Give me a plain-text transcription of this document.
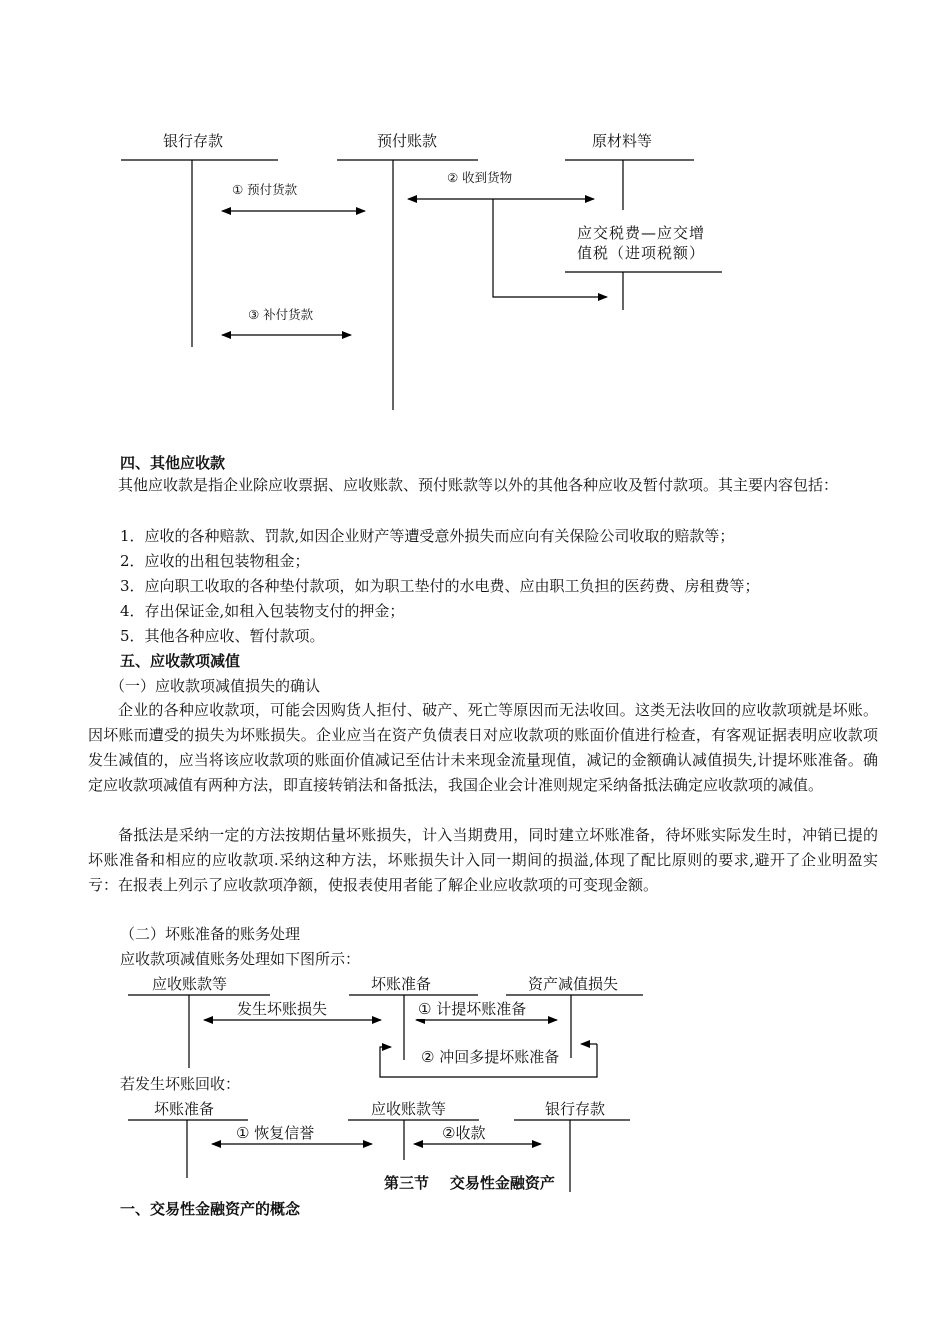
银行存款	预付账款	原材料等
应交税费—应交增
值税（进项税额）
① 预付货款
② 收到货物
③ 补付货款
四、其他应收款
其他应收款是指企业除应收票据、应收账款、预付账款等以外的其他各种应收及暂付款项。其主要内容包括：
1．应收的各种赔款、罚款,如因企业财产等遭受意外损失而应向有关保险公司收取的赔款等；
2．应收的出租包装物租金；
3．应向职工收取的各种垫付款项，如为职工垫付的水电费、应由职工负担的医药费、房租费等；
4．存出保证金,如租入包装物支付的押金；
5．其他各种应收、暂付款项。
五、应收款项减值
（一）应收款项减值损失的确认
企业的各种应收款项，可能会因购货人拒付、破产、死亡等原因而无法收回。这类无法收回的应收款项就是坏账。因坏账而遭受的损失为坏账损失。企业应当在资产负债表日对应收款项的账面价值进行检查，有客观证据表明应收款项发生减值的，应当将该应收款项的账面价值减记至估计未来现金流量现值，减记的金额确认减值损失,计提坏账准备。确定应收款项减值有两种方法，即直接转销法和备抵法，我国企业会计准则规定采纳备抵法确定应收款项的减值。
备抵法是采纳一定的方法按期估量坏账损失，计入当期费用，同时建立坏账准备，待坏账实际发生时，冲销已提的坏账准备和相应的应收款项.采纳这种方法，坏账损失计入同一期间的损溢,体现了配比原则的要求,避开了企业明盈实亏：在报表上列示了应收款项净额，使报表使用者能了解企业应收款项的可变现金额。
（二）坏账准备的账务处理
应收款项减值账务处理如下图所示：
应收账款等	坏账准备	资产减值损失
发生坏账损失	① 计提坏账准备
② 冲回多提坏账准备
若发生坏账回收：
坏账准备	应收账款等	银行存款
① 恢复信誉	②收款
第三节    交易性金融资产
一、交易性金融资产的概念
